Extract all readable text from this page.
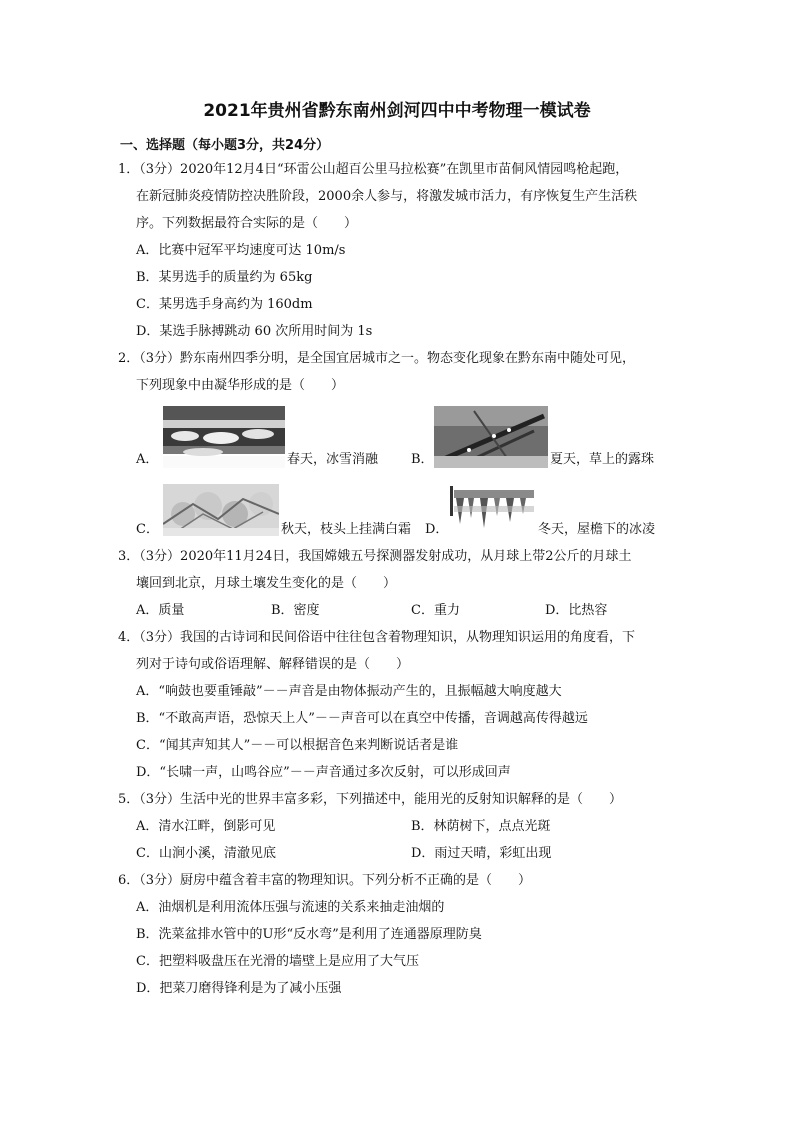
2021年贵州省黔东南州剑河四中中考物理一模试卷
一、选择题（每小题3分，共24分）
1．（3分）2020年12月4日“环雷公山超百公里马拉松赛”在凯里市苗侗风情园鸣枪起跑，
在新冠肺炎疫情防控决胜阶段，2000余人参与，将激发城市活力，有序恢复生产生活秩
序。下列数据最符合实际的是（　　）
A．比赛中冠军平均速度可达 10m/s
B．某男选手的质量约为 65kg
C．某男选手身高约为 160dm
D．某选手脉搏跳动 60 次所用时间为 1s
2．（3分）黔东南州四季分明，是全国宜居城市之一。物态变化现象在黔东南中随处可见，
下列现象中由凝华形成的是（　　）
A．	春天，冰雪消融	B．	夏天，草上的露珠
C．	秋天，枝头上挂满白霜 D．	冬天，屋檐下的冰凌
3．（3分）2020年11月24日，我国嫦娥五号探测器发射成功，从月球上带2公斤的月球土
壤回到北京，月球土壤发生变化的是（　　）
A．质量	B．密度	C．重力	D．比热容
4．（3分）我国的古诗词和民间俗语中往往包含着物理知识，从物理知识运用的角度看，下
列对于诗句或俗语理解、解释错误的是（　　）
A．“响鼓也要重锤敲”－－声音是由物体振动产生的，且振幅越大响度越大
B．“不敢高声语，恐惊天上人”－－声音可以在真空中传播，音调越高传得越远
C．“闻其声知其人”－－可以根据音色来判断说话者是谁
D．“长啸一声，山鸣谷应”－－声音通过多次反射，可以形成回声
5．（3分）生活中光的世界丰富多彩，下列描述中，能用光的反射知识解释的是（　　）
A．清水江畔，倒影可见	B．林荫树下，点点光斑
C．山涧小溪，清澈见底	D．雨过天晴，彩虹出现
6．（3分）厨房中蕴含着丰富的物理知识。下列分析不正确的是（　　）
A．油烟机是利用流体压强与流速的关系来抽走油烟的
B．洗菜盆排水管中的U形“反水弯”是利用了连通器原理防臭
C．把塑料吸盘压在光滑的墙壁上是应用了大气压
D．把菜刀磨得锋利是为了减小压强
